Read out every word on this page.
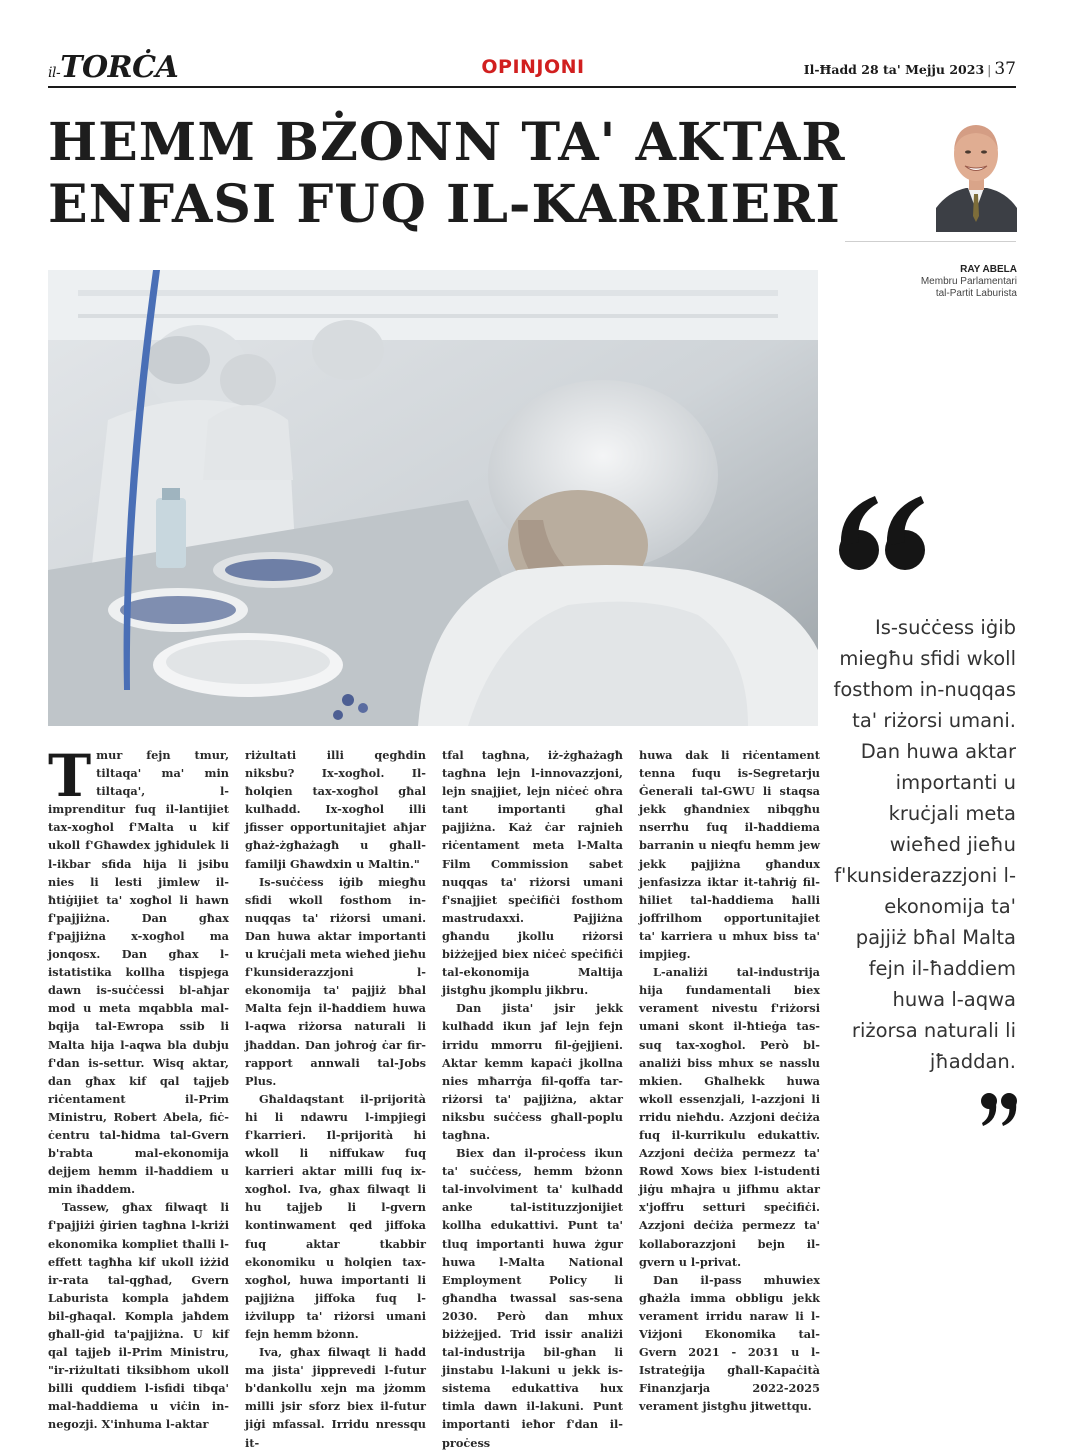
il-TORĊA	OPINJONI	Il-Ħadd 28 ta' Mejju 2023 | 37
HEMM BŻONN TA' AKTAR ENFASI FUQ IL-KARRIERI
RAY ABELA
Membru Parlamentari
tal-Partit Laburista

Tmur fejn tmur, tiltaqa' ma' min tiltaqa', l-imprenditur fuq il-lantijiet tax-xogħol f'Malta u kif ukoll f'Għawdex jgħidulek li l-ikbar sfida hija li jsibu nies li lesti jimlew il-ħtiġijiet ta' xogħol li hawn f'pajjiżna. Dan għax f'pajjiżna x-xogħol ma jonqosx. Dan għax l-istatistika kollha tispjega dawn is-suċċessi bl-aħjar mod u meta mqabbla mal-bqija tal-Ewropa ssib li Malta hija l-aqwa bla dubju f'dan is-settur. Wisq aktar, dan għax kif qal tajjeb riċentament il-Prim Ministru, Robert Abela, fiċ-ċentru tal-ħidma tal-Gvern b'rabta mal-ekonomija dejjem hemm il-ħaddiem u min iħaddem.

Tassew, għax filwaqt li f'pajjiżi ġirien tagħna l-kriżi ekonomika kompliet tħalli l-effett tagħha kif ukoll iżżid ir-rata tal-qgħad, Gvern Laburista kompla jaħdem bil-għaqal. Kompla jaħdem għall-ġid ta'pajjiżna. U kif qal tajjeb il-Prim Ministru, "ir-riżultati tiksibhom ukoll billi quddiem l-isfidi tibqa' mal-ħaddiema u viċin in-negozji. X'inhuma l-aktar

riżultati illi qegħdin niksbu? Ix-xogħol. Il-ħolqien tax-xogħol għal kulħadd. Ix-xogħol illi jfisser opportunitajiet aħjar għaż-żgħażagħ u għall-familji Għawdxin u Maltin."

Is-suċċess iġib miegħu sfidi wkoll fosthom in-nuqqas ta' riżorsi umani. Dan huwa aktar importanti u kruċjali meta wieħed jieħu f'kunsiderazzjoni l-ekonomija ta' pajjiż bħal Malta fejn il-ħaddiem huwa l-aqwa riżorsa naturali li jħaddan. Dan joħroġ ċar fir-rapport annwali tal-Jobs Plus.

Għaldaqstant il-prijorità hi li ndawru l-impjiegi f'karrieri. Il-prijorità hi wkoll li niffukaw fuq karrieri aktar milli fuq ix-xogħol. Iva, għax filwaqt li hu tajjeb li l-gvern kontinwament qed jiffoka fuq aktar tkabbir ekonomiku u ħolqien tax-xogħol, huwa importanti li pajjiżna jiffoka fuq l-iżvilupp ta' riżorsi umani fejn hemm bżonn.

Iva, għax filwaqt li ħadd ma jista' jipprevedi l-futur b'dankollu xejn ma jżomm milli jsir sforz biex il-futur jiġi mfassal. Irridu nressqu it-

tfal tagħna, iż-żgħażagħ tagħna lejn l-innovazzjoni, lejn snajjiet, lejn niċeċ oħra tant importanti għal pajjiżna. Każ ċar rajnieh riċentament meta l-Malta Film Commission sabet nuqqas ta' riżorsi umani f'snajjiet speċifiċi fosthom mastrudaxxi. Pajjiżna għandu jkollu riżorsi biżżejjed biex niċeċ speċifiċi tal-ekonomija Maltija jistgħu jkomplu jikbru.

Dan jista' jsir jekk kulħadd ikun jaf lejn fejn irridu mmorru fil-ġejjieni. Aktar kemm kapaċi jkollna nies mħarrġa fil-qoffa tar-riżorsi ta' pajjiżna, aktar niksbu suċċess għall-poplu tagħna.

Biex dan il-proċess ikun ta' suċċess, hemm bżonn tal-involviment ta' kulħadd anke tal-istituzzjonijiet kollha edukattivi. Punt ta' tluq importanti huwa żgur huwa l-Malta National Employment Policy li għandha twassal sas-sena 2030. Però dan mhux biżżejjed. Trid issir analiżi tal-industrija bil-għan li jinstabu l-lakuni u jekk is-sistema edukattiva hux timla dawn il-lakuni. Punt importanti ieħor f'dan il-proċess

huwa dak li riċentament tenna fuqu is-Segretarju Ġenerali tal-GWU li staqsa jekk għandniex nibqgħu nserrħu fuq il-ħaddiema barranin u nieqfu hemm jew jekk pajjiżna għandux jenfasizza iktar it-taħriġ fil-ħiliet tal-ħaddiema ħalli joffrilhom opportunitajiet ta' karriera u mhux biss ta' impjieg.

L-analiżi tal-industrija hija fundamentali biex verament nivestu f'riżorsi umani skont il-ħtieġa tas-suq tax-xogħol. Però bl-analiżi biss mhux se nasslu mkien. Għalhekk huwa wkoll essenzjali, l-azzjoni li rridu nieħdu. Azzjoni deċiża fuq il-kurrikulu edukattiv. Azzjoni deċiża permezz ta' Rowd Xows biex l-istudenti jiġu mħajra u jifhmu aktar x'joffru setturi speċifiċi. Azzjoni deċiża permezz ta' kollaborazzjoni bejn il-gvern u l-privat.

Dan il-pass mhuwiex għażla imma obbligu jekk verament irridu naraw li l-Viżjoni Ekonomika tal-Gvern 2021 - 2031 u l-Istrateġija għall-Kapaċità Finanzjarja 2022-2025 verament jistgħu jitwettqu.

Is-suċċess iġib miegħu sfidi wkoll fosthom in-nuqqas ta' riżorsi umani. Dan huwa aktar importanti u kruċjali meta wieħed jieħu f'kunsiderazzjoni l-ekonomija ta' pajjiż bħal Malta fejn il-ħaddiem huwa l-aqwa riżorsa naturali li jħaddan.
